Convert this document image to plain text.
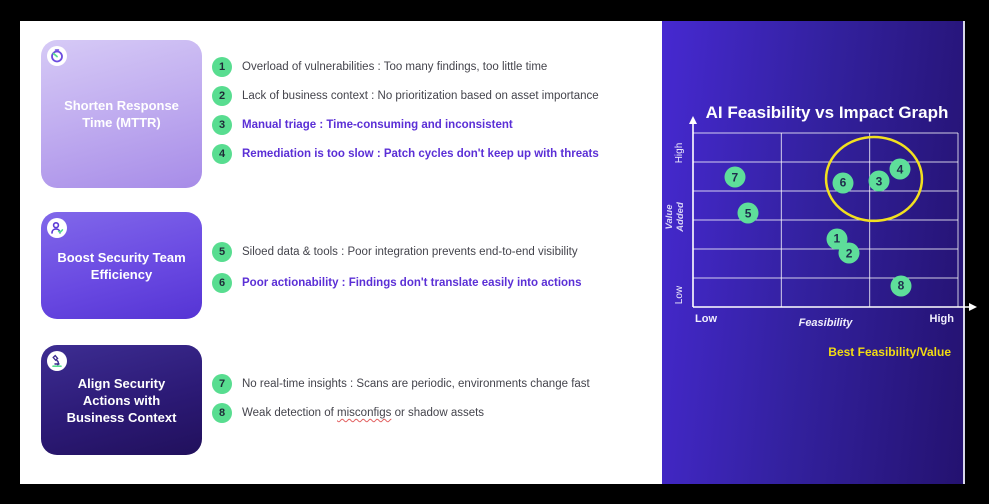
Shorten Response Time (MTTR)
Boost Security Team Efficiency
Align Security Actions with Business Context
1	Overload of vulnerabilities : Too many findings, too little time
2	Lack of business context : No prioritization based on asset importance
3	Manual triage : Time-consuming and inconsistent
4	Remediation is too slow : Patch cycles don't keep up with threats
5	Siloed data & tools : Poor integration prevents end-to-end visibility
6	Poor actionability : Findings don't translate easily into actions
7	No real-time insights : Scans are periodic, environments change fast
8	Weak detection of misconfigs or shadow assets
AI Feasibility vs Impact Graph
High
Value Added
Low
Low	Feasibility	High
1
2
3
4
5
6
7
8
Best Feasibility/Value
